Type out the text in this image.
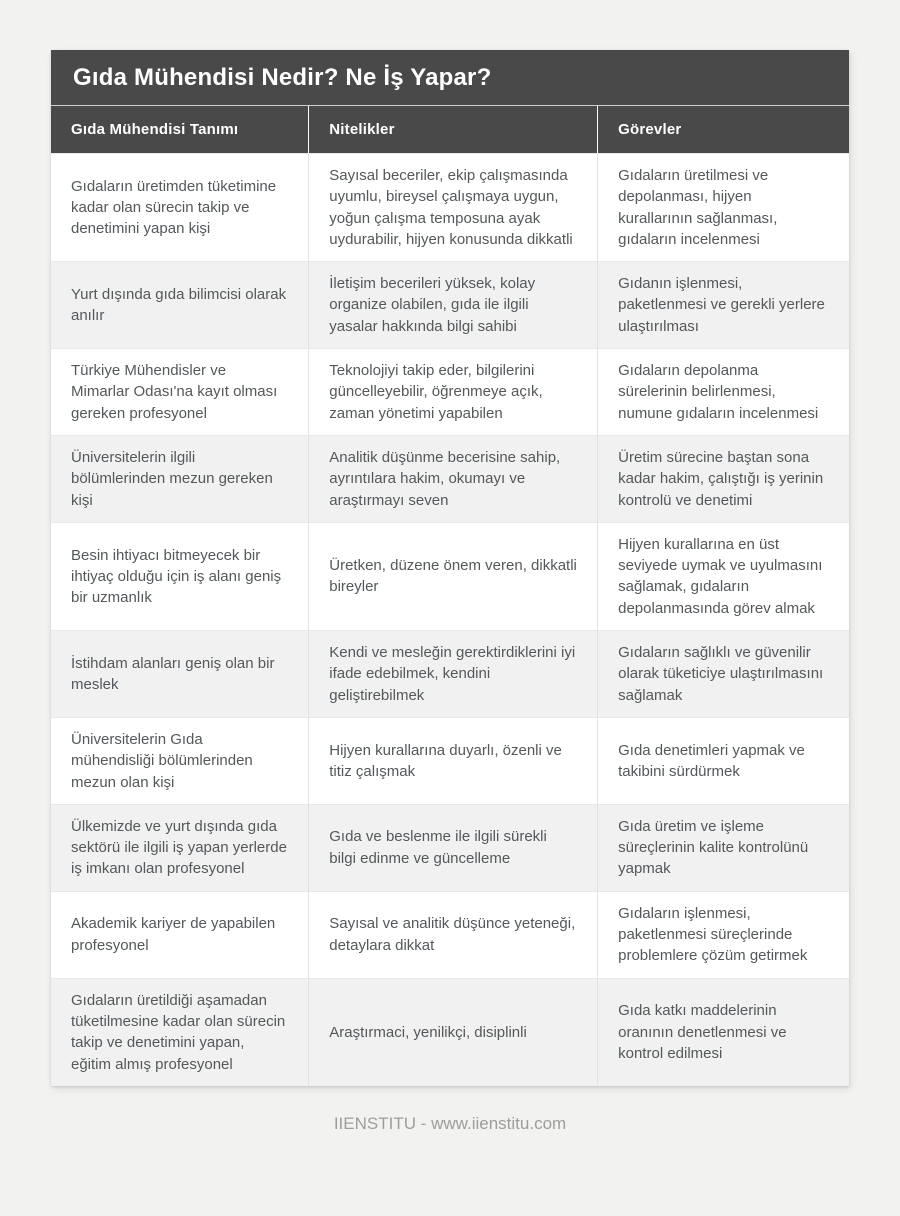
Gıda Mühendisi Nedir? Ne İş Yapar?
Gıda Mühendisi Tanımı	Nitelikler	Görevler
Gıdaların üretimden tüketimine kadar olan sürecin takip ve denetimini yapan kişi	Sayısal beceriler, ekip çalışmasında uyumlu, bireysel çalışmaya uygun, yoğun çalışma temposuna ayak uydurabilir, hijyen konusunda dikkatli	Gıdaların üretilmesi ve depolanması, hijyen kurallarının sağlanması, gıdaların incelenmesi
Yurt dışında gıda bilimcisi olarak anılır	İletişim becerileri yüksek, kolay organize olabilen, gıda ile ilgili yasalar hakkında bilgi sahibi	Gıdanın işlenmesi, paketlenmesi ve gerekli yerlere ulaştırılması
Türkiye Mühendisler ve Mimarlar Odası'na kayıt olması gereken profesyonel	Teknolojiyi takip eder, bilgilerini güncelleyebilir, öğrenmeye açık, zaman yönetimi yapabilen	Gıdaların depolanma sürelerinin belirlenmesi, numune gıdaların incelenmesi
Üniversitelerin ilgili bölümlerinden mezun gereken kişi	Analitik düşünme becerisine sahip, ayrıntılara hakim, okumayı ve araştırmayı seven	Üretim sürecine baştan sona kadar hakim, çalıştığı iş yerinin kontrolü ve denetimi
Besin ihtiyacı bitmeyecek bir ihtiyaç olduğu için iş alanı geniş bir uzmanlık	Üretken, düzene önem veren, dikkatli bireyler	Hijyen kurallarına en üst seviyede uymak ve uyulmasını sağlamak, gıdaların depolanmasında görev almak
İstihdam alanları geniş olan bir meslek	Kendi ve mesleğin gerektirdiklerini iyi ifade edebilmek, kendini geliştirebilmek	Gıdaların sağlıklı ve güvenilir olarak tüketiciye ulaştırılmasını sağlamak
Üniversitelerin Gıda mühendisliği bölümlerinden mezun olan kişi	Hijyen kurallarına duyarlı, özenli ve titiz çalışmak	Gıda denetimleri yapmak ve takibini sürdürmek
Ülkemizde ve yurt dışında gıda sektörü ile ilgili iş yapan yerlerde iş imkanı olan profesyonel	Gıda ve beslenme ile ilgili sürekli bilgi edinme ve güncelleme	Gıda üretim ve işleme süreçlerinin kalite kontrolünü yapmak
Akademik kariyer de yapabilen profesyonel	Sayısal ve analitik düşünce yeteneği, detaylara dikkat	Gıdaların işlenmesi, paketlenmesi süreçlerinde problemlere çözüm getirmek
Gıdaların üretildiği aşamadan tüketilmesine kadar olan sürecin takip ve denetimini yapan, eğitim almış profesyonel	Araştırmaci, yenilikçi, disiplinli	Gıda katkı maddelerinin oranının denetlenmesi ve kontrol edilmesi
IIENSTITU - www.iienstitu.com
